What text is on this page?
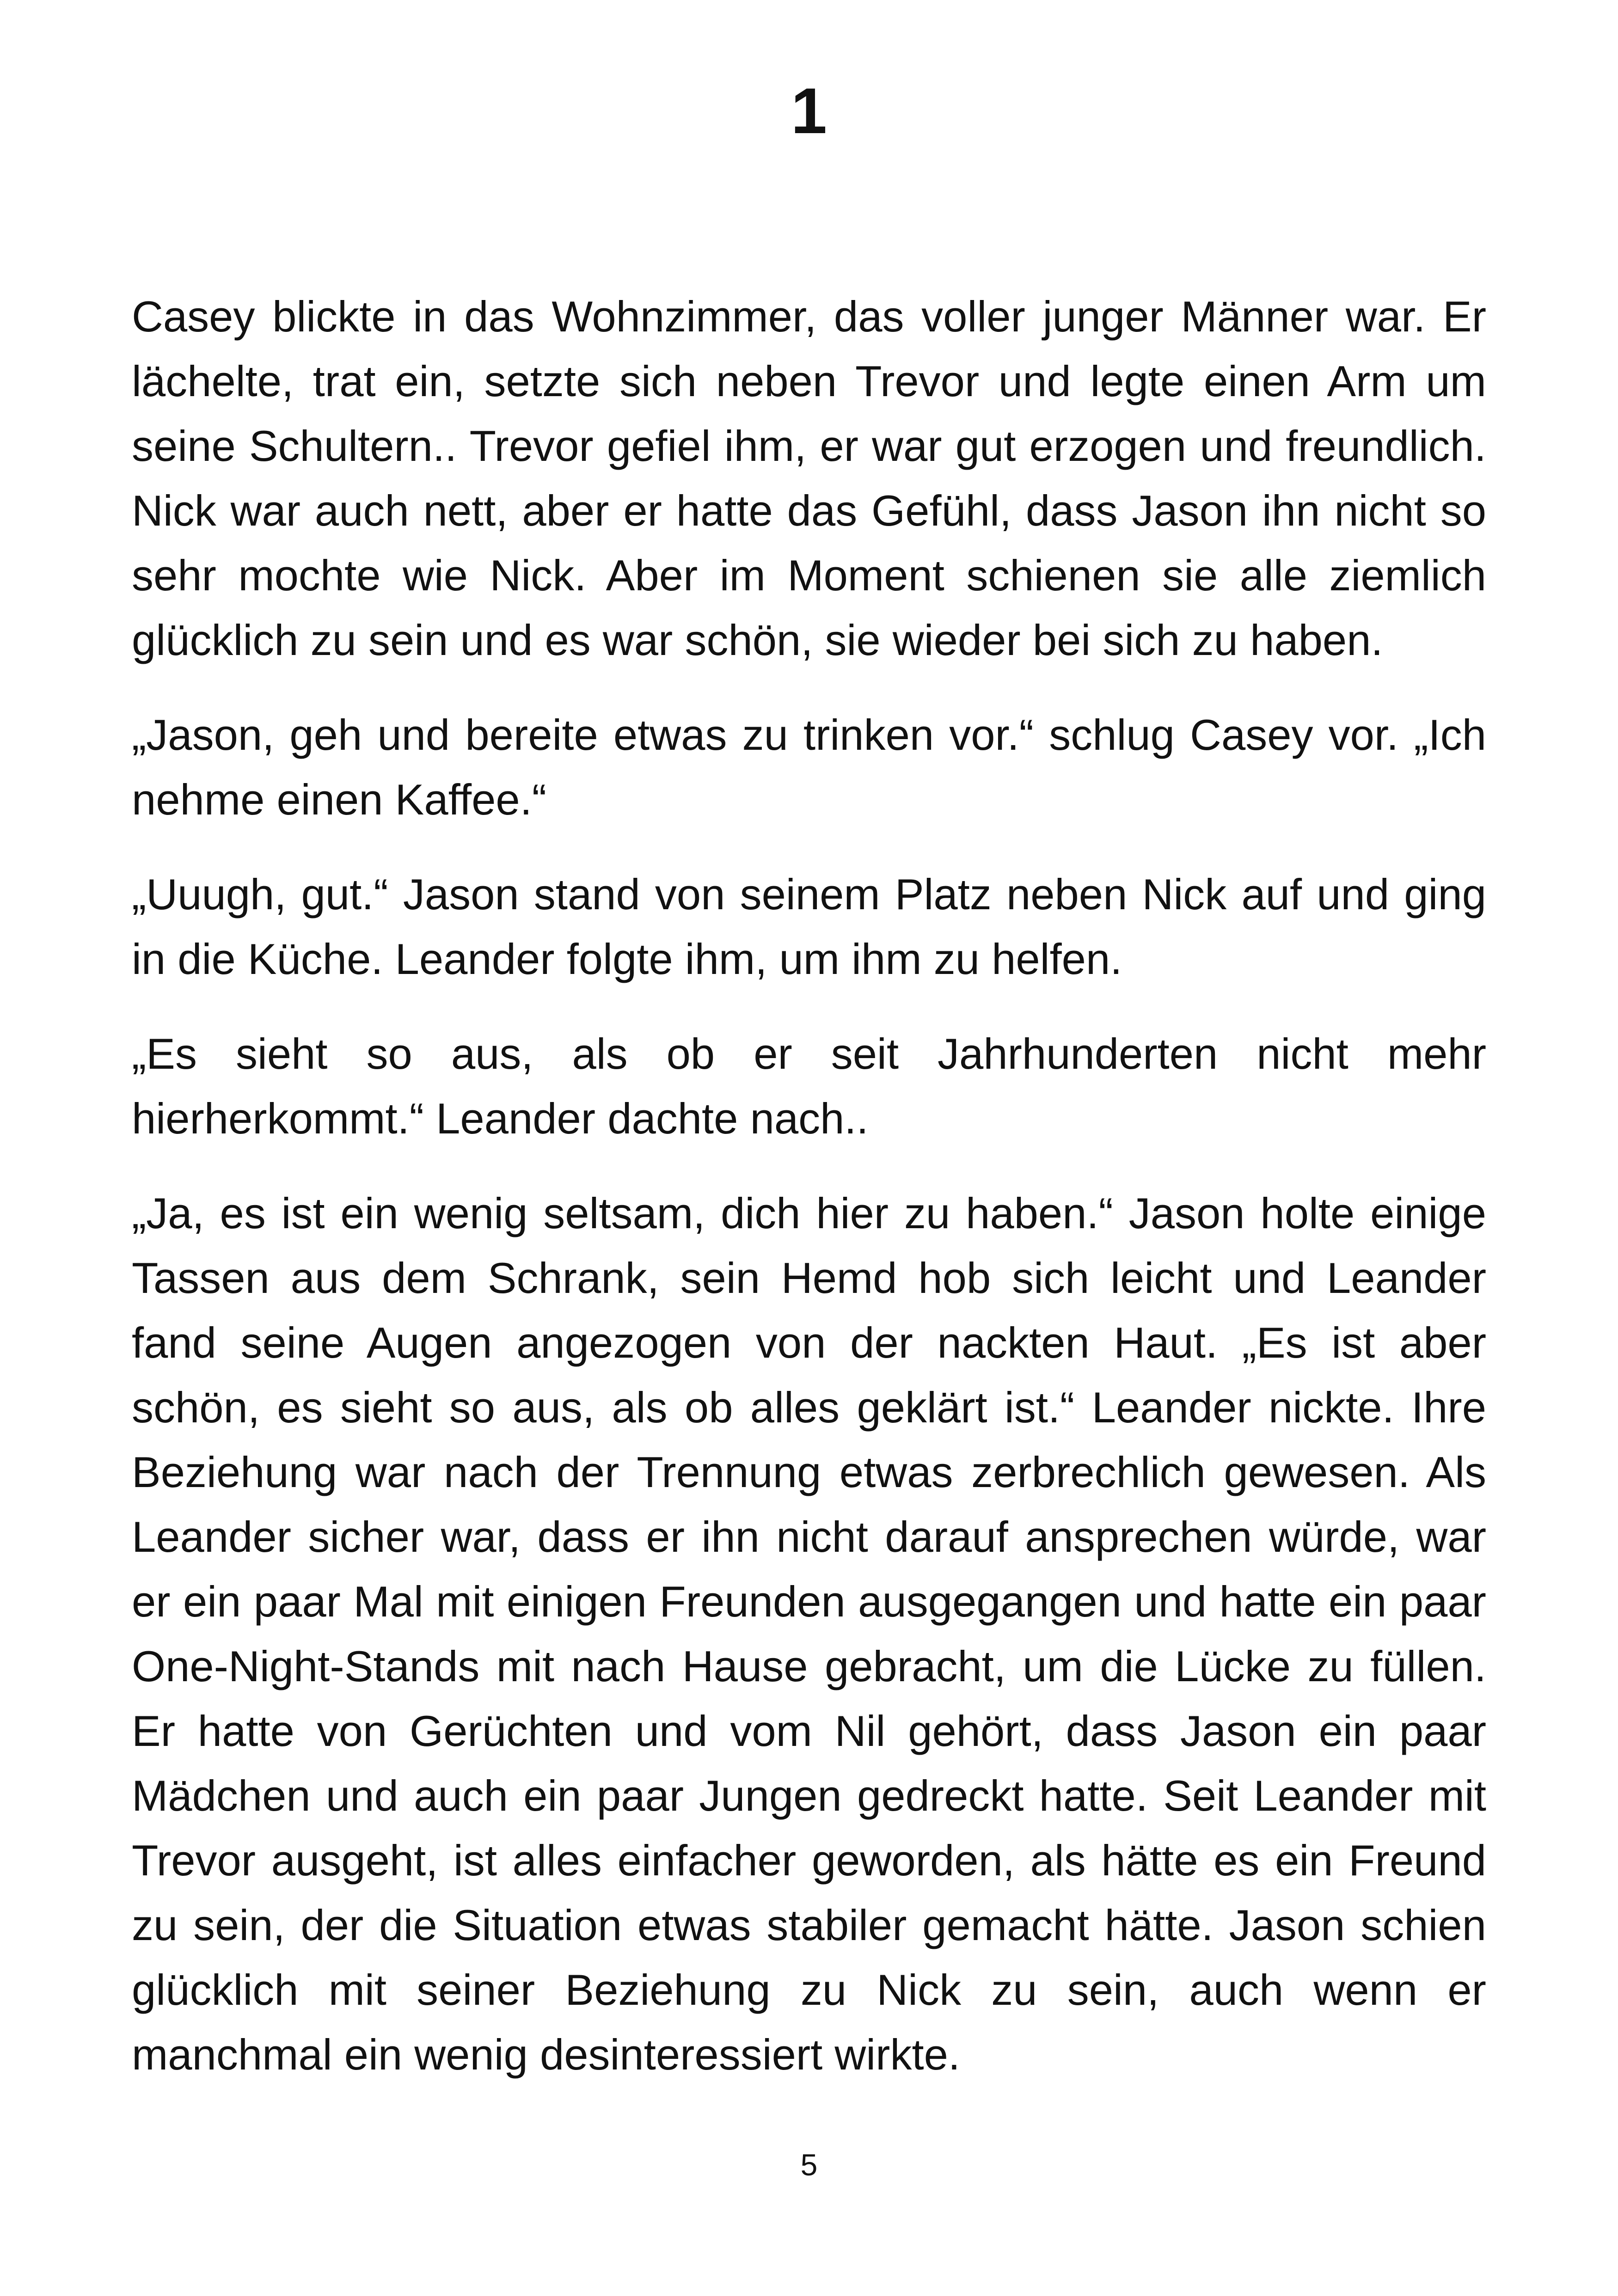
1

Casey blickte in das Wohnzimmer, das voller junger Männer war. Er lächelte, trat ein, setzte sich neben Trevor und legte einen Arm um seine Schultern.. Trevor gefiel ihm, er war gut erzogen und freundlich. Nick war auch nett, aber er hatte das Gefühl, dass Jason ihn nicht so sehr mochte wie Nick. Aber im Moment schienen sie alle ziemlich glücklich zu sein und es war schön, sie wieder bei sich zu haben.

„Jason, geh und bereite etwas zu trinken vor.“ schlug Casey vor. „Ich nehme einen Kaffee.“

„Uuugh, gut.“ Jason stand von seinem Platz neben Nick auf und ging in die Küche. Leander folgte ihm, um ihm zu helfen.

„Es sieht so aus, als ob er seit Jahrhunderten nicht mehr hierherkommt.“ Leander dachte nach..

„Ja, es ist ein wenig seltsam, dich hier zu haben.“ Jason holte einige Tassen aus dem Schrank, sein Hemd hob sich leicht und Leander fand seine Augen angezogen von der nackten Haut. „Es ist aber schön, es sieht so aus, als ob alles geklärt ist.“ Leander nickte. Ihre Beziehung war nach der Trennung etwas zerbrechlich gewesen. Als Leander sicher war, dass er ihn nicht darauf ansprechen würde, war er ein paar Mal mit einigen Freunden ausgegangen und hatte ein paar One-Night-Stands mit nach Hause gebracht, um die Lücke zu füllen. Er hatte von Gerüchten und vom Nil gehört, dass Jason ein paar Mädchen und auch ein paar Jungen gedreckt hatte. Seit Leander mit Trevor ausgeht, ist alles einfacher geworden, als hätte es ein Freund zu sein, der die Situation etwas stabiler gemacht hätte. Jason schien glücklich mit seiner Beziehung zu Nick zu sein, auch wenn er manchmal ein wenig desinteressiert wirkte.

5
